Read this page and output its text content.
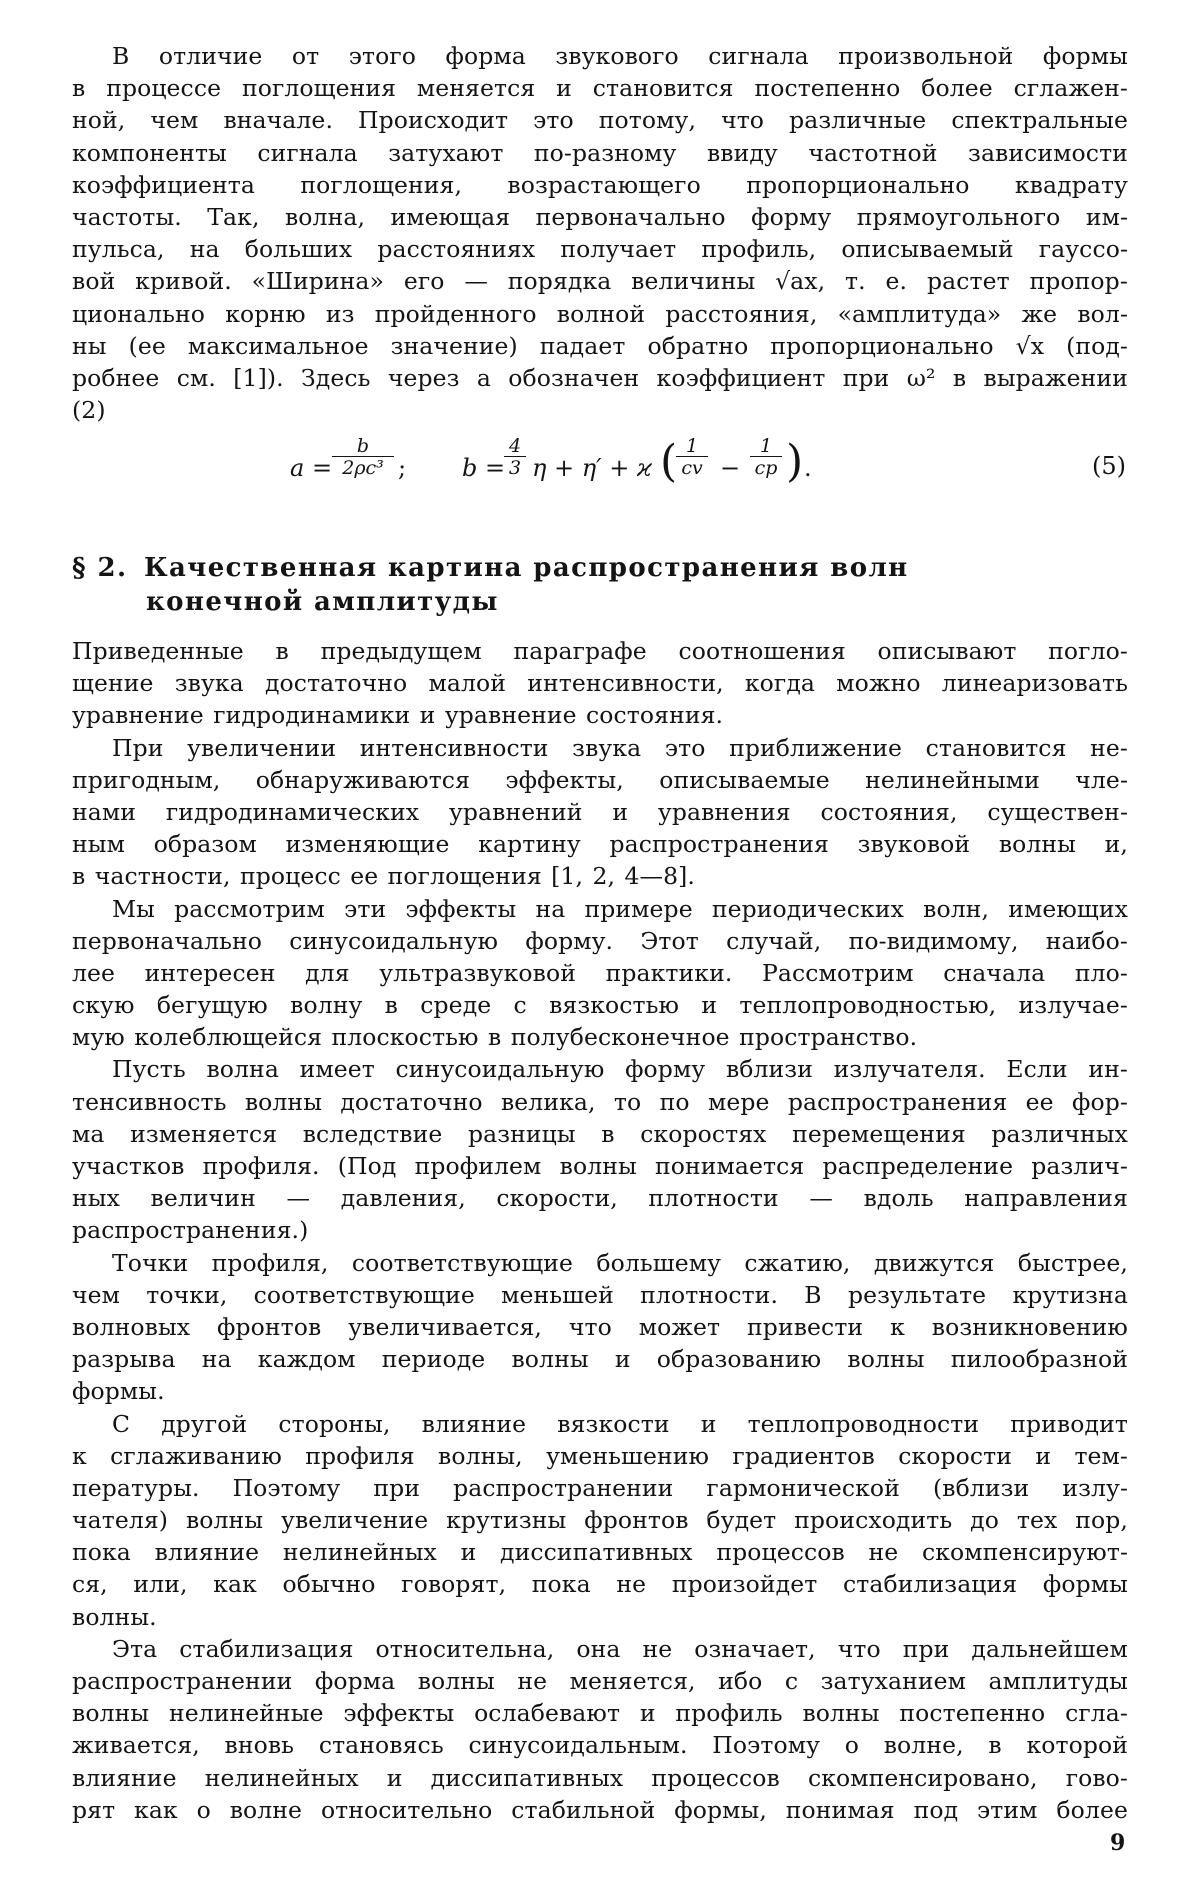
В отличие от этого форма звукового сигнала произвольной формы
в процессе поглощения меняется и становится постепенно более сглажен-
ной, чем вначале. Происходит это потому, что различные спектральные
компоненты сигнала затухают по-разному ввиду частотной зависимости
коэффициента поглощения, возрастающего пропорционально квадрату
частоты. Так, волна, имеющая первоначально форму прямоугольного им-
пульса, на больших расстояниях получает профиль, описываемый гауссо-
вой кривой. «Ширина» его — порядка величины √ax, т. е. растет пропор-
ционально корню из пройденного волной расстояния, «амплитуда» же вол-
ны (ее максимальное значение) падает обратно пропорционально √x (под-
робнее см. [1]). Здесь через a обозначен коэффициент при ω² в выражении
(2)
$a = \frac{b}{\text{2ρc³}}$ ; b =
$\frac{4}{3}$ η + η′ + ϰ (
$\frac{1}{cv} - \frac{1}{cp}$ ) .	(5)
§ 2. Качественная картина распространения волн
конечной амплитуды
Приведенные в предыдущем параграфе соотношения описывают погло-
щение звука достаточно малой интенсивности, когда можно линеаризовать
уравнение гидродинамики и уравнение состояния.
При увеличении интенсивности звука это приближение становится не-
пригодным, обнаруживаются эффекты, описываемые нелинейными чле-
нами гидродинамических уравнений и уравнения состояния, существен-
ным образом изменяющие картину распространения звуковой волны и,
в частности, процесс ее поглощения [1, 2, 4—8].
Мы рассмотрим эти эффекты на примере периодических волн, имеющих
первоначально синусоидальную форму. Этот случай, по-видимому, наибо-
лее интересен для ультразвуковой практики. Рассмотрим сначала пло-
скую бегущую волну в среде с вязкостью и теплопроводностью, излучае-
мую колеблющейся плоскостью в полубесконечное пространство.
Пусть волна имеет синусоидальную форму вблизи излучателя. Если ин-
тенсивность волны достаточно велика, то по мере распространения ее фор-
ма изменяется вследствие разницы в скоростях перемещения различных
участков профиля. (Под профилем волны понимается распределение различ-
ных величин — давления, скорости, плотности — вдоль направления
распространения.)
Точки профиля, соответствующие большему сжатию, движутся быстрее,
чем точки, соответствующие меньшей плотности. В результате крутизна
волновых фронтов увеличивается, что может привести к возникновению
разрыва на каждом периоде волны и образованию волны пилообразной
формы.
С другой стороны, влияние вязкости и теплопроводности приводит
к сглаживанию профиля волны, уменьшению градиентов скорости и тем-
пературы. Поэтому при распространении гармонической (вблизи излу-
чателя) волны увеличение крутизны фронтов будет происходить до тех пор,
пока влияние нелинейных и диссипативных процессов не скомпенсируют-
ся, или, как обычно говорят, пока не произойдет стабилизация формы
волны.
Эта стабилизация относительна, она не означает, что при дальнейшем
распространении форма волны не меняется, ибо с затуханием амплитуды
волны нелинейные эффекты ослабевают и профиль волны постепенно сгла-
живается, вновь становясь синусоидальным. Поэтому о волне, в которой
влияние нелинейных и диссипативных процессов скомпенсировано, гово-
рят как о волне относительно стабильной формы, понимая под этим более
9
